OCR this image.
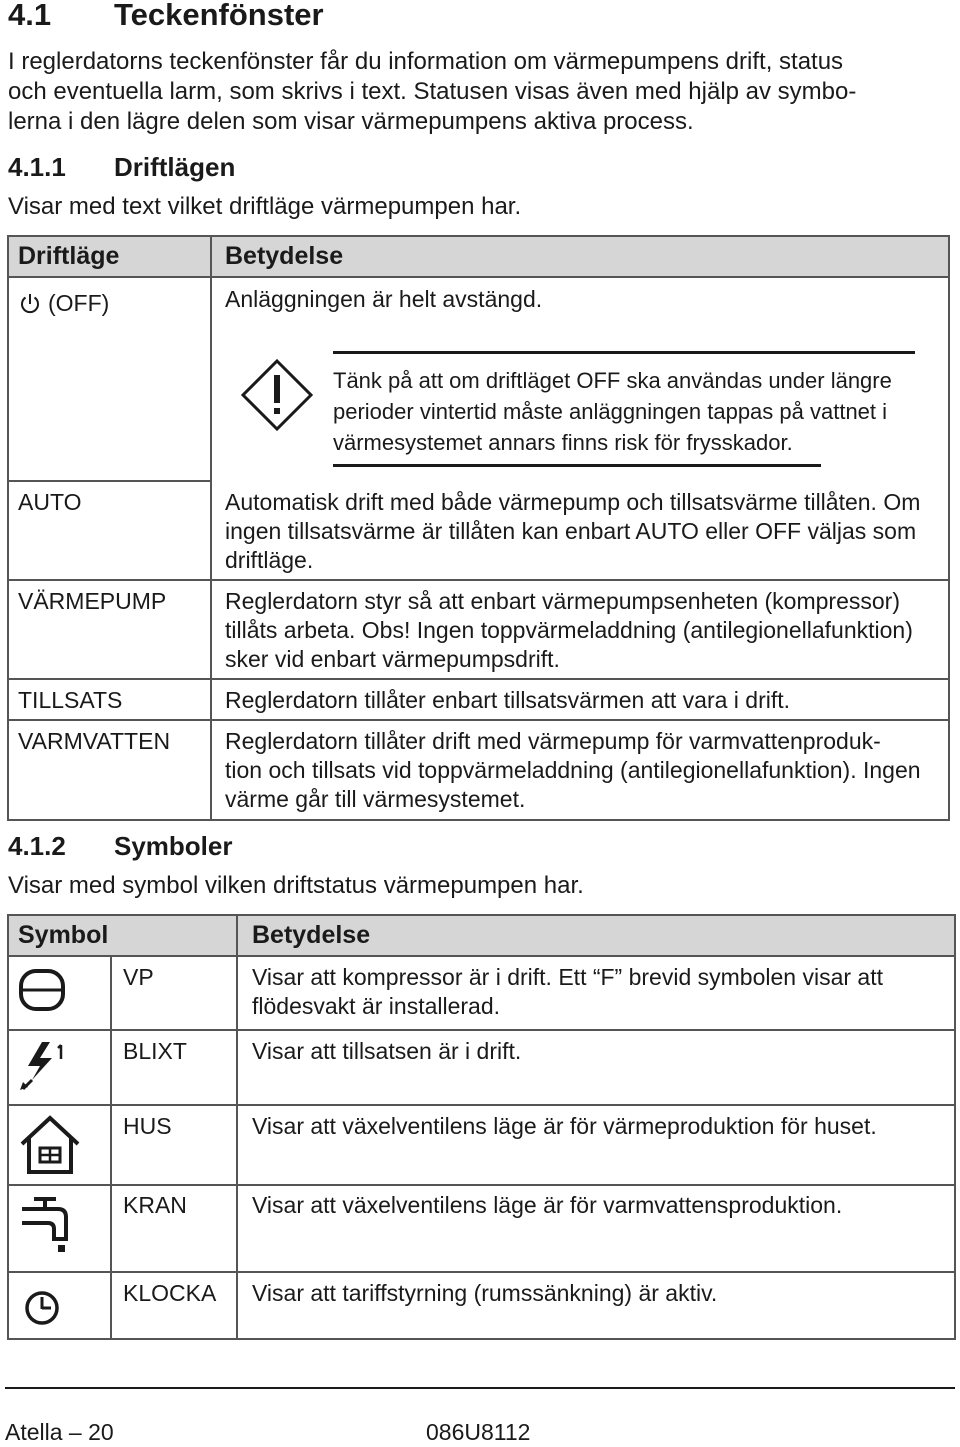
4.1 Teckenfönster
I reglerdatorns teckenfönster får du information om värmepumpens drift, status
och eventuella larm, som skrivs i text. Statusen visas även med hjälp av symbo-
lerna i den lägre delen som visar värmepumpens aktiva process.
4.1.1 Driftlägen
Visar med text vilket driftläge värmepumpen har.
Driftläge	Betydelse
(OFF)	Anläggningen är helt avstängd.
Tänk på att om driftläget OFF ska användas under längre
perioder vintertid måste anläggningen tappas på vattnet i
värmesystemet annars finns risk för frysskador.
AUTO	Automatisk drift med både värmepump och tillsatsvärme tillåten. Om
ingen tillsatsvärme är tillåten kan enbart AUTO eller OFF väljas som
driftläge.
VÄRMEPUMP	Reglerdatorn styr så att enbart värmepumpsenheten (kompressor)
tillåts arbeta. Obs! Ingen toppvärmeladdning (antilegionellafunktion)
sker vid enbart värmepumpsdrift.
TILLSATS	Reglerdatorn tillåter enbart tillsatsvärmen att vara i drift.
VARMVATTEN Reglerdatorn tillåter drift med värmepump för varmvattenproduk-
tion och tillsats vid toppvärmeladdning (antilegionellafunktion). Ingen
värme går till värmesystemet.
4.1.2 Symboler
Visar med symbol vilken driftstatus värmepumpen har.
Symbol	Betydelse
VP	Visar att kompressor är i drift. Ett “F” brevid symbolen visar att
flödesvakt är installerad.
BLIXT	Visar att tillsatsen är i drift.
HUS	Visar att växelventilens läge är för värmeproduktion för huset.
KRAN	Visar att växelventilens läge är för varmvattensproduktion.
KLOCKA Visar att tariffstyrning (rumssänkning) är aktiv.
Atella – 20	086U8112
